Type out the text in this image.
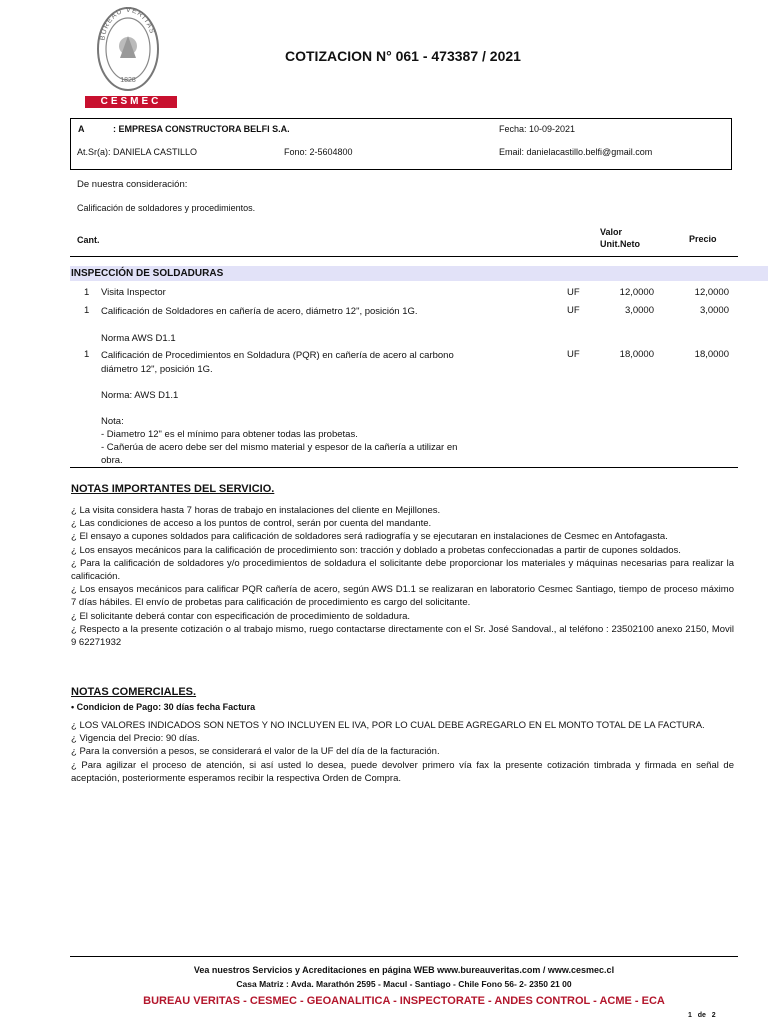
BUREAU VERITAS
1828
CESMEC
COTIZACION N° 061 - 473387 / 2021
A	: EMPRESA CONSTRUCTORA BELFI S.A.	Fecha: 10-09-2021
At.Sr(a): DANIELA CASTILLO	Fono: 2-5604800	Email: danielacastillo.belfi@gmail.com
De nuestra consideración:
Calificación de soldadores y procedimientos.
Cant.
Valor
Unit.Neto	Precio
INSPECCIÓN DE SOLDADURAS
1 Visita Inspector	UF	12,0000	12,0000
1 Calificación de Soldadores en cañería de acero, diámetro 12", posición 1G.	UF	3,0000	3,0000
Norma AWS D1.1
1 Calificación de Procedimientos en Soldadura (PQR) en cañería de acero al carbono
diámetro 12", posición 1G.
UF	18,0000	18,0000
Norma: AWS D1.1
Nota:
- Diametro 12" es el mínimo para obtener todas las probetas.
- Cañerúa de acero debe ser del mismo material y espesor de la cañería a utilizar en
obra.
NOTAS IMPORTANTES DEL SERVICIO.

¿ La visita considera hasta 7 horas de trabajo en instalaciones del cliente en Mejillones.

¿ Las condiciones de acceso a los puntos de control, serán por cuenta del mandante.

¿ El ensayo a cupones soldados para calificación de soldadores será radiografía y se ejecutaran en instalaciones de Cesmec en Antofagasta.

¿ Los ensayos mecánicos para la calificación de procedimiento son: tracción y doblado a probetas confeccionadas a partir de cupones soldados.

¿ Para la calificación de soldadores y/o procedimientos de soldadura el solicitante debe proporcionar los materiales y máquinas necesarias para realizar la calificación.

¿ Los ensayos mecánicos para calificar PQR cañería de acero, según AWS D1.1 se realizaran en laboratorio Cesmec Santiago, tiempo de proceso máximo 7 días hábiles. El envío de probetas para calificación de procedimiento es cargo del solicitante.

¿ El solicitante deberá contar con especificación de procedimiento de soldadura.

¿ Respecto a la presente cotización o al trabajo mismo, ruego contactarse directamente con el Sr. José Sandoval., al teléfono : 23502100 anexo 2150, Movil 9 62271932

NOTAS COMERCIALES.
• Condicion de Pago: 30 días fecha Factura

¿ LOS VALORES INDICADOS SON NETOS Y NO INCLUYEN EL IVA, POR LO CUAL DEBE AGREGARLO EN EL MONTO TOTAL DE LA FACTURA.

¿ Vigencia del Precio: 90 días.

¿ Para la conversión a pesos, se considerará el valor de la UF del día de la facturación.

¿ Para agilizar el proceso de atención, si así usted lo desea, puede devolver primero vía fax la presente cotización timbrada y firmada en señal de aceptación, posteriormente esperamos recibir la respectiva Orden de Compra.

Vea nuestros Servicios y Acreditaciones en página WEB www.bureauveritas.com / www.cesmec.cl
Casa Matriz : Avda. Marathón 2595 - Macul - Santiago - Chile Fono 56- 2- 2350 21 00
BUREAU VERITAS - CESMEC - GEOANALITICA - INSPECTORATE - ANDES CONTROL - ACME - ECA
1   de   2
